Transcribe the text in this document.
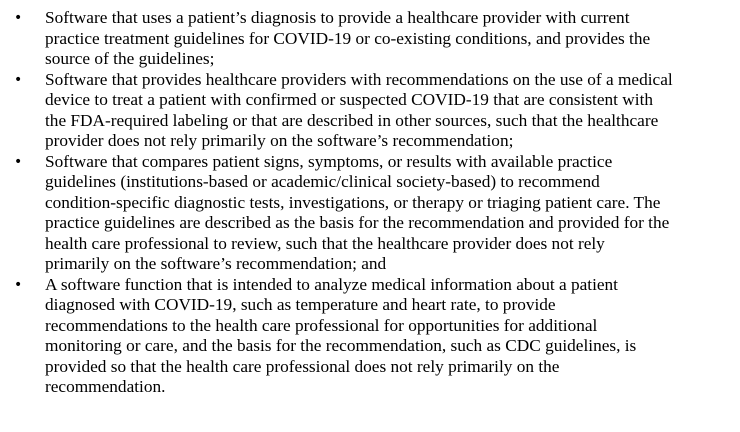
•	Software that uses a patient’s diagnosis to provide a healthcare provider with current
practice treatment guidelines for COVID-19 or co-existing conditions, and provides the
source of the guidelines;
•	Software that provides healthcare providers with recommendations on the use of a medical
device to treat a patient with confirmed or suspected COVID-19 that are consistent with
the FDA-required labeling or that are described in other sources, such that the healthcare
provider does not rely primarily on the software’s recommendation;
•	Software that compares patient signs, symptoms, or results with available practice
guidelines (institutions-based or academic/clinical society-based) to recommend
condition-specific diagnostic tests, investigations, or therapy or triaging patient care. The
practice guidelines are described as the basis for the recommendation and provided for the
health care professional to review, such that the healthcare provider does not rely
primarily on the software’s recommendation; and
•	A software function that is intended to analyze medical information about a patient
diagnosed with COVID-19, such as temperature and heart rate, to provide
recommendations to the health care professional for opportunities for additional
monitoring or care, and the basis for the recommendation, such as CDC guidelines, is
provided so that the health care professional does not rely primarily on the
recommendation.
